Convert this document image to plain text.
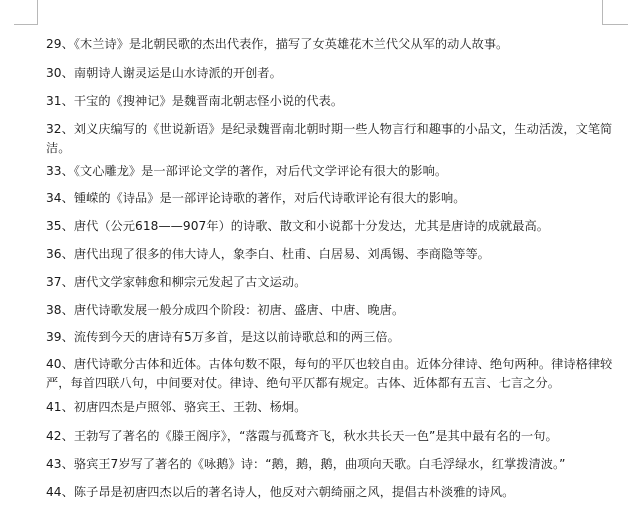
29、《木兰诗》是北朝民歌的杰出代表作，描写了女英雄花木兰代父从军的动人故事。
30、南朝诗人谢灵运是山水诗派的开创者。
31、干宝的《搜神记》是魏晋南北朝志怪小说的代表。
32、刘义庆编写的《世说新语》是纪录魏晋南北朝时期一些人物言行和趣事的小品文，生动活泼，文笔简洁。
33、《文心雕龙》是一部评论文学的著作，对后代文学评论有很大的影响。
34、锺嵘的《诗品》是一部评论诗歌的著作，对后代诗歌评论有很大的影响。
35、唐代（公元618——907年）的诗歌、散文和小说都十分发达，尤其是唐诗的成就最高。
36、唐代出现了很多的伟大诗人，象李白、杜甫、白居易、刘禹锡、李商隐等等。
37、唐代文学家韩愈和柳宗元发起了古文运动。
38、唐代诗歌发展一般分成四个阶段：初唐、盛唐、中唐、晚唐。
39、流传到今天的唐诗有5万多首，是这以前诗歌总和的两三倍。
40、唐代诗歌分古体和近体。古体句数不限，每句的平仄也较自由。近体分律诗、绝句两种。律诗格律较严，每首四联八句，中间要对仗。律诗、绝句平仄都有规定。古体、近体都有五言、七言之分。
41、初唐四杰是卢照邻、骆宾王、王勃、杨炯。
42、王勃写了著名的《滕王阁序》，“落霞与孤鹜齐飞，秋水共长天一色”是其中最有名的一句。
43、骆宾王7岁写了著名的《咏鹅》诗：“鹅，鹅，鹅，曲项向天歌。白毛浮绿水，红掌拨清波。”
44、陈子昂是初唐四杰以后的著名诗人，他反对六朝绮丽之风，提倡古朴淡雅的诗风。
